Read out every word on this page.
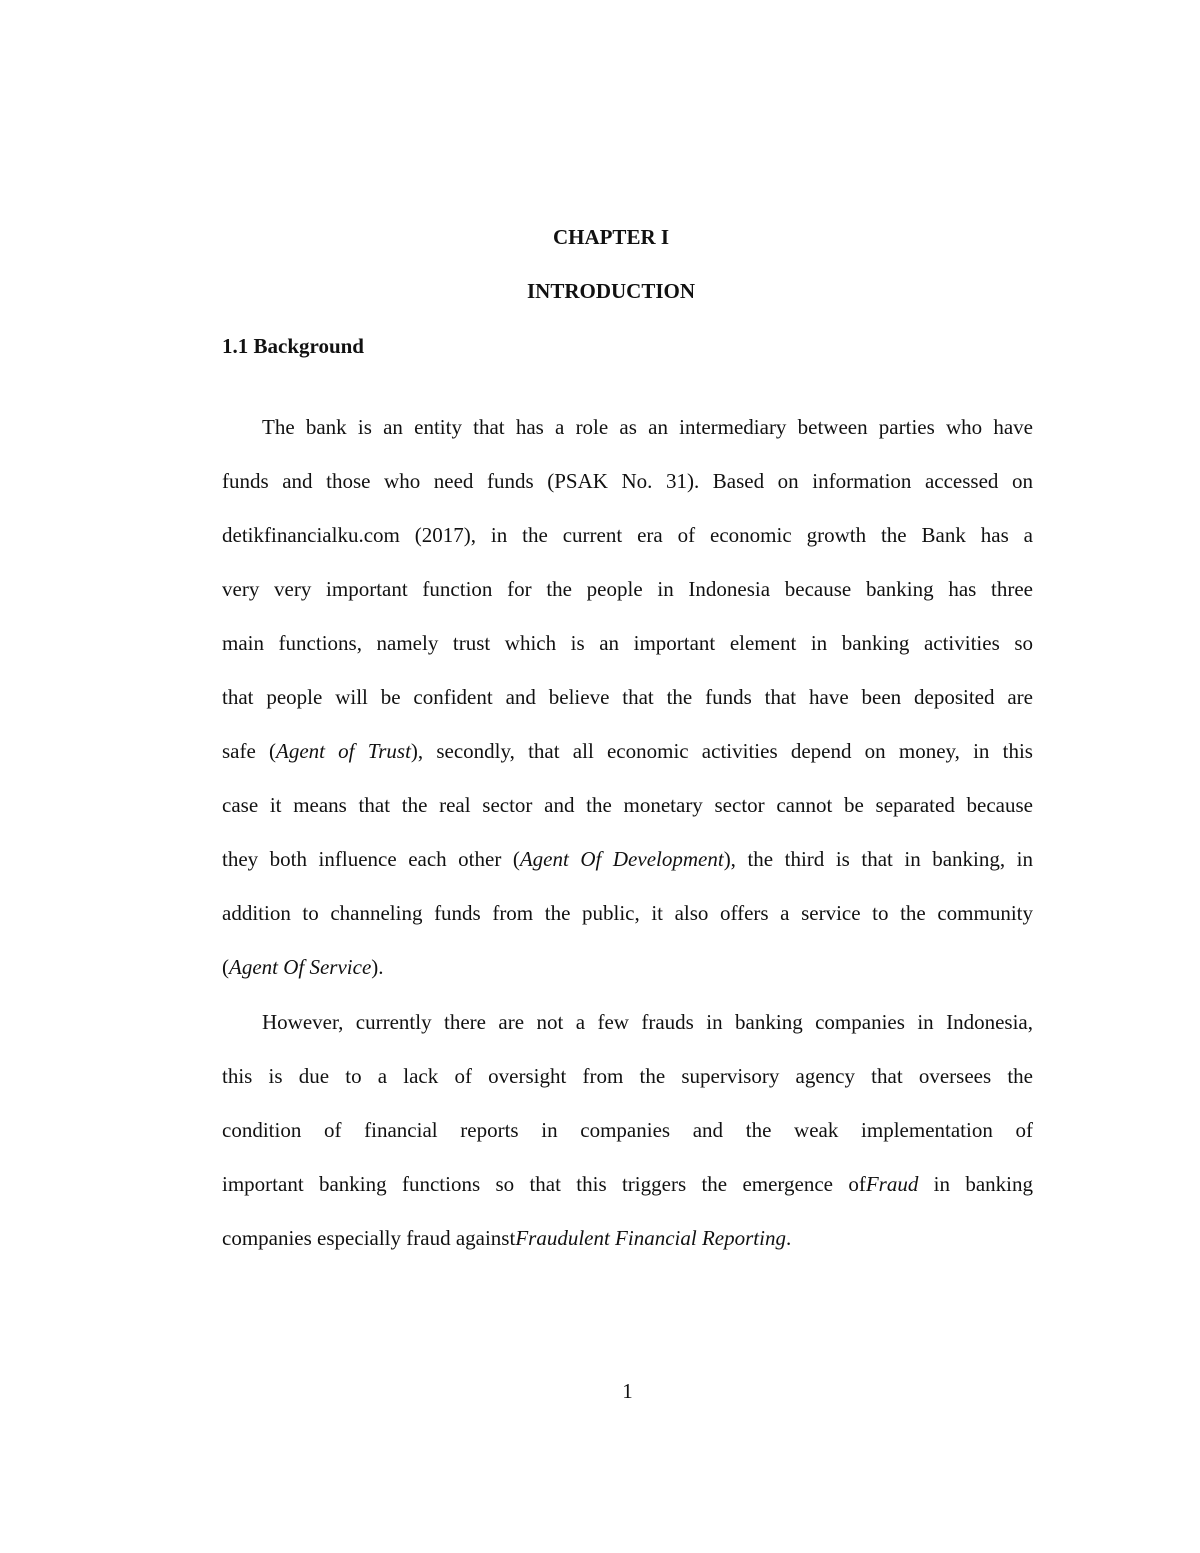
CHAPTER I
INTRODUCTION
1.1 Background
The bank is an entity that has a role as an intermediary between parties who have
funds and those who need funds (PSAK No. 31). Based on information accessed on
detikfinancialku.com (2017), in the current era of economic growth the Bank has a
very very important function for the people in Indonesia because banking has three
main functions, namely trust which is an important element in banking activities so
that people will be confident and believe that the funds that have been deposited are
safe (Agent of Trust), secondly, that all economic activities depend on money, in this
case it means that the real sector and the monetary sector cannot be separated because
they both influence each other (Agent Of Development), the third is that in banking, in
addition to channeling funds from the public, it also offers a service to the community
(Agent Of Service).
However, currently there are not a few frauds in banking companies in Indonesia,
this is due to a lack of oversight from the supervisory agency that oversees the
condition of financial reports in companies and the weak implementation of
important banking functions so that this triggers the emergence ofFraud in banking
companies especially fraud againstFraudulent Financial Reporting.
1
